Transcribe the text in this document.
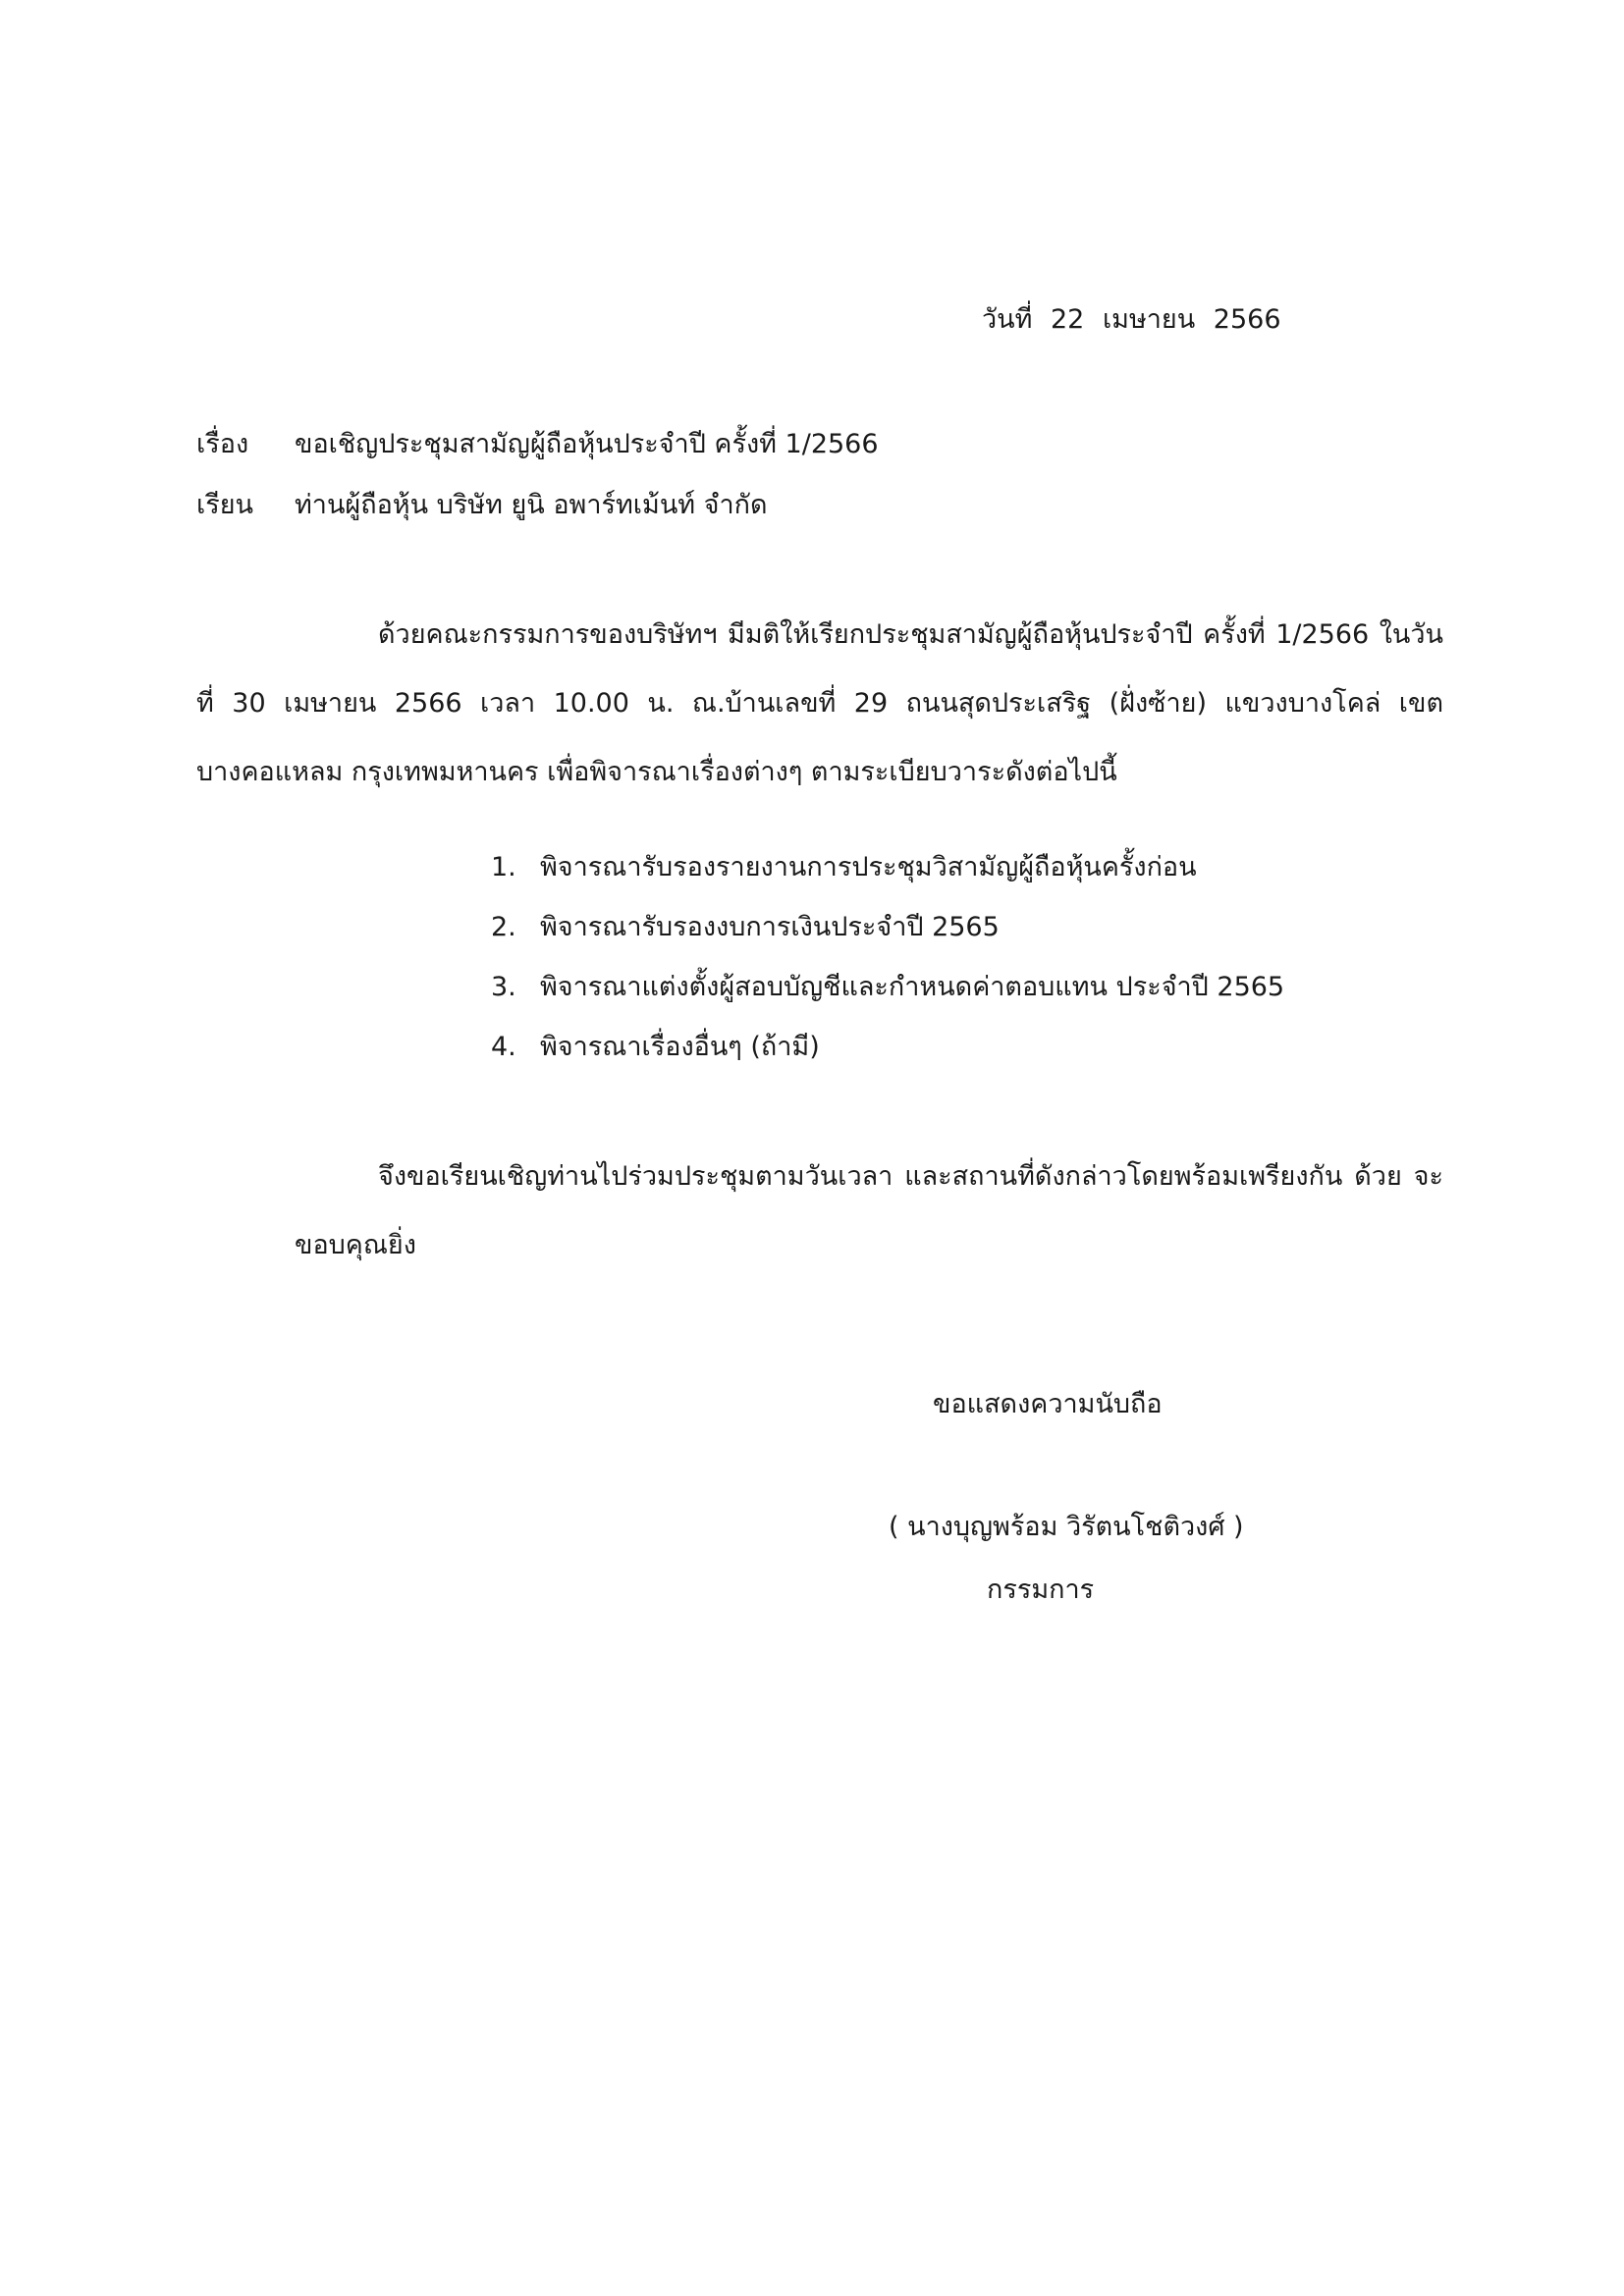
วันที่ 22 เมษายน 2566
เรื่อง ขอเชิญประชุมสามัญผู้ถือหุ้นประจำปี ครั้งที่ 1/2566
เรียน ท่านผู้ถือหุ้น บริษัท ยูนิ อพาร์ทเม้นท์ จำกัด
ด้วยคณะกรรมการของบริษัทฯ มีมติให้เรียกประชุมสามัญผู้ถือหุ้นประจำปี ครั้งที่ 1/2566 ในวันที่ 30 เมษายน 2566 เวลา 10.00 น. ณ.บ้านเลขที่ 29 ถนนสุดประเสริฐ (ฝั่งซ้าย) แขวงบางโคล่ เขตบางคอแหลม กรุงเทพมหานคร เพื่อพิจารณาเรื่องต่างๆ ตามระเบียบวาระดังต่อไปนี้
1. พิจารณารับรองรายงานการประชุมวิสามัญผู้ถือหุ้นครั้งก่อน
2. พิจารณารับรองงบการเงินประจำปี 2565
3. พิจารณาแต่งตั้งผู้สอบบัญชีและกำหนดค่าตอบแทน ประจำปี 2565
4. พิจารณาเรื่องอื่นๆ (ถ้ามี)
จึงขอเรียนเชิญท่านไปร่วมประชุมตามวันเวลา และสถานที่ดังกล่าวโดยพร้อมเพรียงกัน ด้วย จะขอบคุณยิ่ง
ขอแสดงความนับถือ
( นางบุญพร้อม วิรัตนโชติวงศ์ )
กรรมการ
